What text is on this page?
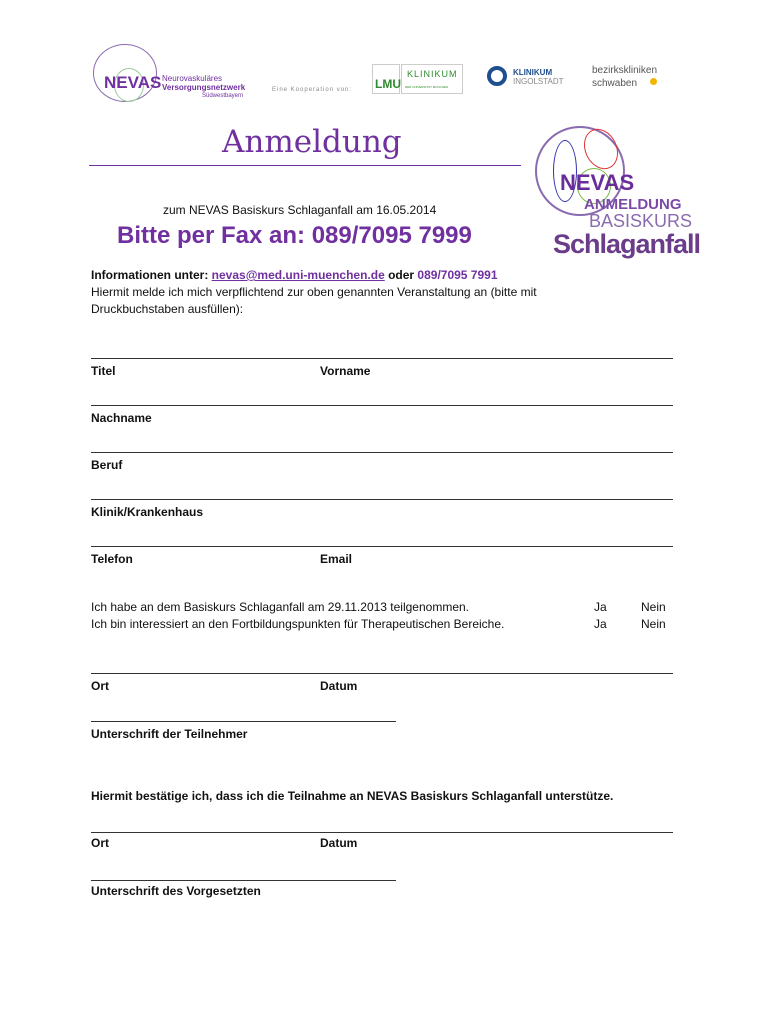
NEVAS Neurovaskuläres
Versorgungsnetzwerk
Südwestbayern
Eine Kooperation von: LMU
KLINIKUM
DER UNIVERSITÄT MÜNCHEN
KLINIKUM
INGOLSTADT
bezirkskliniken
schwaben
Anmeldung
zum NEVAS Basiskurs Schlaganfall am 16.05.2014
Bitte per Fax an: 089/7095 7999
NEVAS
ANMELDUNG
BASISKURS
Schlaganfall
Informationen unter: nevas@med.uni-muenchen.de oder 089/7095 7991
Hiermit melde ich mich verpflichtend zur oben genannten Veranstaltung an (bitte mit Druckbuchstaben ausfüllen):
Titel	Vorname
Nachname
Beruf
Klinik/Krankenhaus
Telefon	Email
Ich habe an dem Basiskurs Schlaganfall am 29.11.2013 teilgenommen.	Ja	Nein
Ich bin interessiert an den Fortbildungspunkten für Therapeutischen Bereiche.	Ja	Nein
Ort	Datum
Unterschrift der Teilnehmer
Hiermit bestätige ich, dass ich die Teilnahme an NEVAS Basiskurs Schlaganfall unterstütze.
Ort	Datum
Unterschrift des Vorgesetzten
